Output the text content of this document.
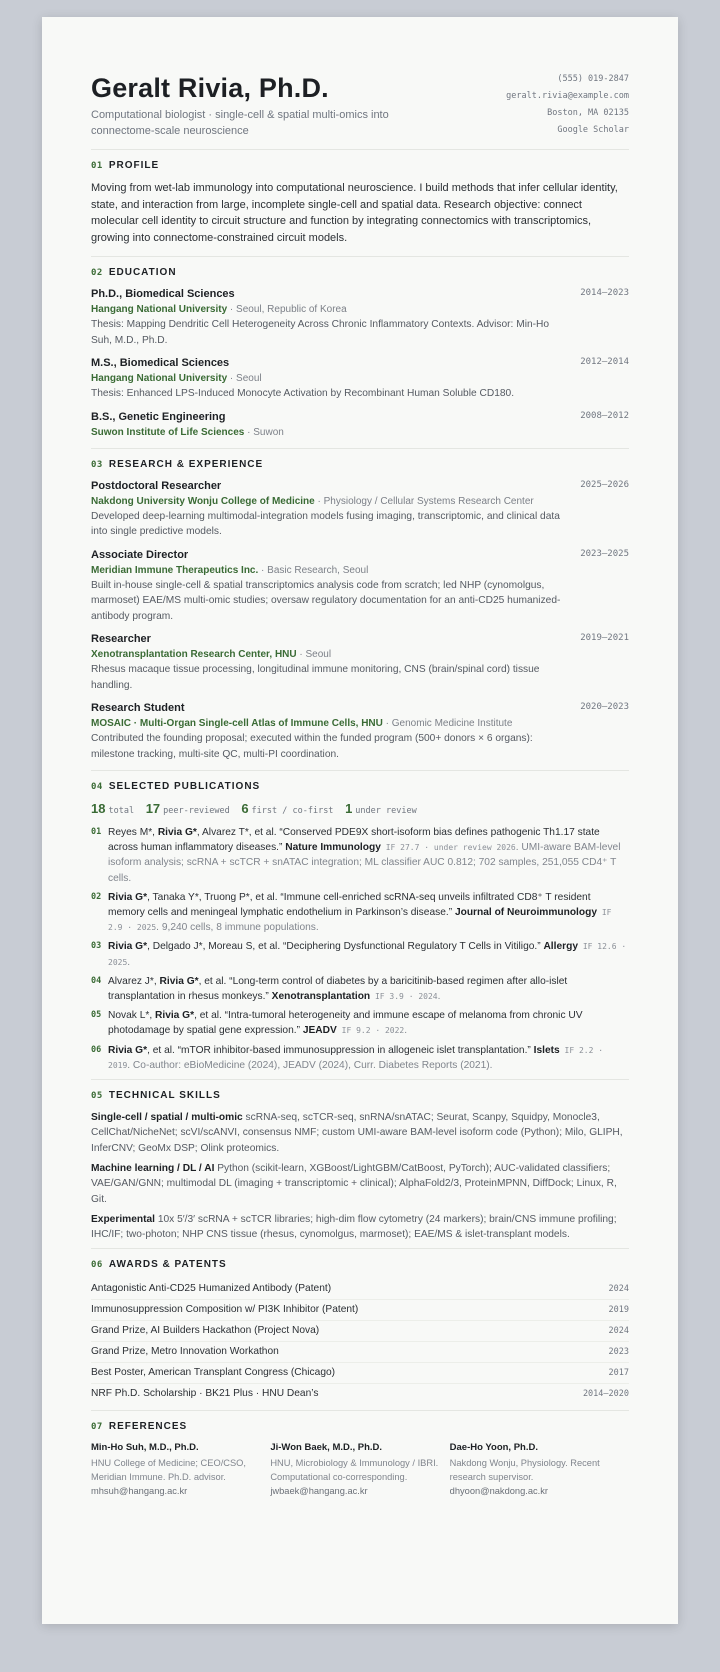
Geralt Rivia, Ph.D.
Computational biologist · single-cell & spatial multi-omics into connectome-scale neuroscience
(555) 019-2847
geralt.rivia@example.com
Boston, MA 02135
Google Scholar
01 PROFILE
Moving from wet-lab immunology into computational neuroscience. I build methods that infer cellular identity, state, and interaction from large, incomplete single-cell and spatial data. Research objective: connect molecular cell identity to circuit structure and function by integrating connectomics with transcriptomics, growing into connectome-constrained circuit models.
02 EDUCATION
Ph.D., Biomedical Sciences	2014–2023
Hangang National University · Seoul, Republic of Korea
Thesis: Mapping Dendritic Cell Heterogeneity Across Chronic Inflammatory Contexts. Advisor: Min-Ho Suh, M.D., Ph.D.
M.S., Biomedical Sciences	2012–2014
Hangang National University · Seoul
Thesis: Enhanced LPS-Induced Monocyte Activation by Recombinant Human Soluble CD180.
B.S., Genetic Engineering	2008–2012
Suwon Institute of Life Sciences · Suwon
03 RESEARCH & EXPERIENCE
Postdoctoral Researcher	2025–2026
Nakdong University Wonju College of Medicine · Physiology / Cellular Systems Research Center
Developed deep-learning multimodal-integration models fusing imaging, transcriptomic, and clinical data into single predictive models.
Associate Director	2023–2025
Meridian Immune Therapeutics Inc. · Basic Research, Seoul
Built in-house single-cell & spatial transcriptomics analysis code from scratch; led NHP (cynomolgus, marmoset) EAE/MS multi-omic studies; oversaw regulatory documentation for an anti-CD25 humanized-antibody program.
Researcher	2019–2021
Xenotransplantation Research Center, HNU · Seoul
Rhesus macaque tissue processing, longitudinal immune monitoring, CNS (brain/spinal cord) tissue handling.
Research Student	2020–2023
MOSAIC · Multi-Organ Single-cell Atlas of Immune Cells, HNU · Genomic Medicine Institute
Contributed the founding proposal; executed within the funded program (500+ donors × 6 organs): milestone tracking, multi-site QC, multi-PI coordination.
04 SELECTED PUBLICATIONS
18 total 17 peer-reviewed 6 first / co-first 1 under review
01 Reyes M*, Rivia G*, Alvarez T*, et al. “Conserved PDE9X short-isoform bias defines pathogenic Th1.17 state across human inflammatory diseases.” Nature Immunology IF 27.7 · under review 2026. UMI-aware BAM-level isoform analysis; scRNA + scTCR + snATAC integration; ML classifier AUC 0.812; 702 samples, 251,055 CD4⁺ T cells.
02 Rivia G*, Tanaka Y*, Truong P*, et al. “Immune cell-enriched scRNA-seq unveils infiltrated CD8⁺ T resident memory cells and meningeal lymphatic endothelium in Parkinson’s disease.” Journal of Neuroimmunology IF 2.9 · 2025. 9,240 cells, 8 immune populations.
03 Rivia G*, Delgado J*, Moreau S, et al. “Deciphering Dysfunctional Regulatory T Cells in Vitiligo.” Allergy IF 12.6 · 2025.
04 Alvarez J*, Rivia G*, et al. “Long-term control of diabetes by a baricitinib-based regimen after allo-islet transplantation in rhesus monkeys.” Xenotransplantation IF 3.9 · 2024.
05 Novak L*, Rivia G*, et al. “Intra-tumoral heterogeneity and immune escape of melanoma from chronic UV photodamage by spatial gene expression.” JEADV IF 9.2 · 2022.
06 Rivia G*, et al. “mTOR inhibitor-based immunosuppression in allogeneic islet transplantation.” Islets IF 2.2 · 2019. Co-author: eBioMedicine (2024), JEADV (2024), Curr. Diabetes Reports (2021).
05 TECHNICAL SKILLS
Single-cell / spatial / multi-omic scRNA-seq, scTCR-seq, snRNA/snATAC; Seurat, Scanpy, Squidpy, Monocle3, CellChat/NicheNet; scVI/scANVI, consensus NMF; custom UMI-aware BAM-level isoform code (Python); Milo, GLIPH, InferCNV; GeoMx DSP; Olink proteomics.
Machine learning / DL / AI Python (scikit-learn, XGBoost/LightGBM/CatBoost, PyTorch); AUC-validated classifiers; VAE/GAN/GNN; multimodal DL (imaging + transcriptomic + clinical); AlphaFold2/3, ProteinMPNN, DiffDock; Linux, R, Git.
Experimental 10x 5′/3′ scRNA + scTCR libraries; high-dim flow cytometry (24 markers); brain/CNS immune profiling; IHC/IF; two-photon; NHP CNS tissue (rhesus, cynomolgus, marmoset); EAE/MS & islet-transplant models.
06 AWARDS & PATENTS
Antagonistic Anti-CD25 Humanized Antibody (Patent)	2024
Immunosuppression Composition w/ PI3K Inhibitor (Patent)	2019
Grand Prize, AI Builders Hackathon (Project Nova)	2024
Grand Prize, Metro Innovation Workathon	2023
Best Poster, American Transplant Congress (Chicago)	2017
NRF Ph.D. Scholarship · BK21 Plus · HNU Dean’s	2014–2020
07 REFERENCES
Min-Ho Suh, M.D., Ph.D.
HNU College of Medicine; CEO/CSO, Meridian Immune. Ph.D. advisor.
mhsuh@hangang.ac.kr
Ji-Won Baek, M.D., Ph.D.
HNU, Microbiology & Immunology / IBRI. Computational co-corresponding.
jwbaek@hangang.ac.kr
Dae-Ho Yoon, Ph.D.
Nakdong Wonju, Physiology. Recent research supervisor.
dhyoon@nakdong.ac.kr
